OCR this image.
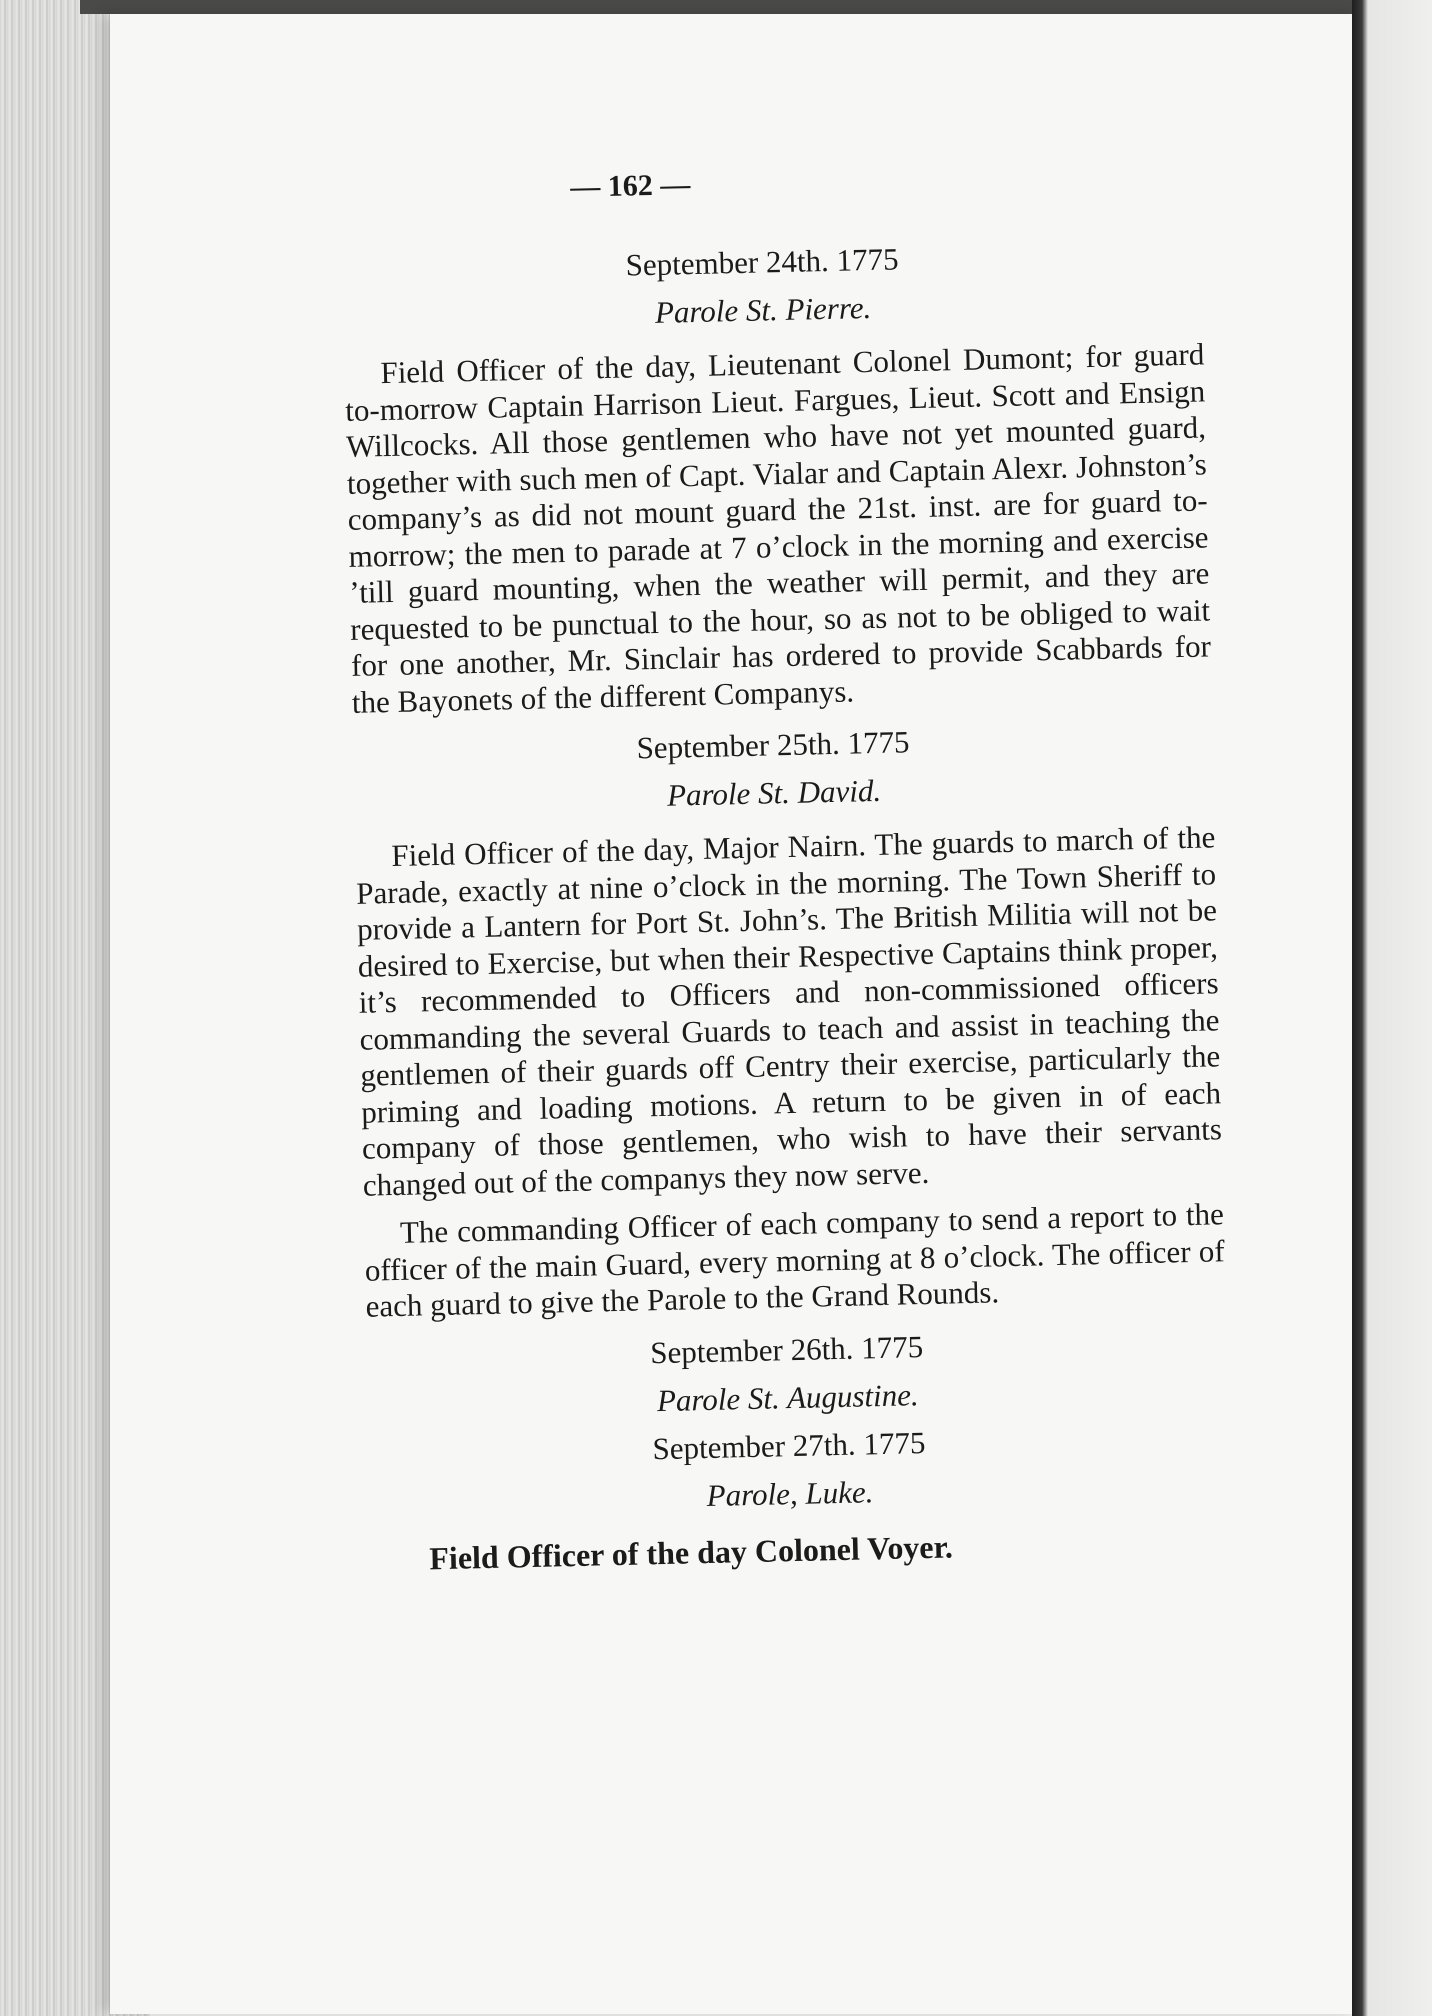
— 162 —
September 24th. 1775
Parole St. Pierre.

Field Officer of the day, Lieutenant Colonel Dumont; for guard to-morrow Captain Harrison Lieut. Fargues, Lieut. Scott and Ensign Willcocks. All those gentlemen who have not yet mounted guard, together with such men of Capt. Vialar and Captain Alexr. Johnston’s company’s as did not mount guard the 21st. inst. are for guard to-morrow; the men to parade at 7 o’clock in the morning and exercise ’till guard mounting, when the weather will permit, and they are requested to be punctual to the hour, so as not to be obliged to wait for one another, Mr. Sinclair has ordered to provide Scabbards for the Bayonets of the different Companys.

September 25th. 1775
Parole St. David.

Field Officer of the day, Major Nairn. The guards to march of the Parade, exactly at nine o’clock in the morning. The Town Sheriff to provide a Lantern for Port St. John’s. The British Militia will not be desired to Exercise, but when their Respective Captains think proper, it’s recommended to Officers and non-commissioned officers commanding the several Guards to teach and assist in teaching the gentlemen of their guards off Centry their exercise, particularly the priming and loading motions. A return to be given in of each company of those gentlemen, who wish to have their servants changed out of the companys they now serve.

The commanding Officer of each company to send a report to the officer of the main Guard, every morning at 8 o’clock. The officer of each guard to give the Parole to the Grand Rounds.

September 26th. 1775
Parole St. Augustine.
September 27th. 1775
Parole, Luke.
Field Officer of the day Colonel Voyer.
